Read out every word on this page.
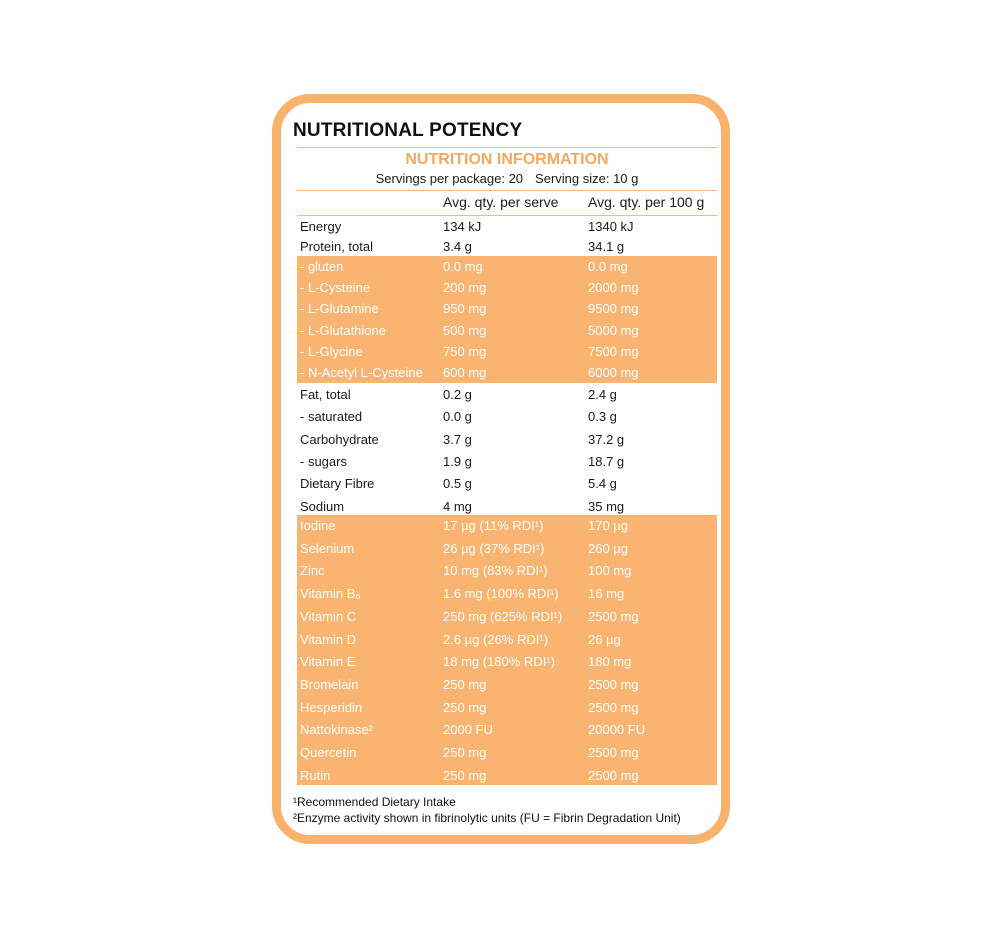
NUTRITIONAL POTENCY
NUTRITION INFORMATION
Servings per package: 20 Serving size: 10 g
Avg. qty. per serve Avg. qty. per 100 g
Energy	134 kJ	1340 kJ
Protein, total	3.4 g	34.1 g
- gluten	0.0 mg	0.0 mg
- L-Cysteine	200 mg	2000 mg
- L-Glutamine	950 mg	9500 mg
- L-Glutathione	500 mg	5000 mg
- L-Glycine	750 mg	7500 mg
- N-Acetyl L-Cysteine 600 mg	6000 mg
Fat, total	0.2 g	2.4 g
- saturated	0.0 g	0.3 g
Carbohydrate	3.7 g	37.2 g
- sugars	1.9 g	18.7 g
Dietary Fibre	0.5 g	5.4 g
Sodium	4 mg	35 mg
Iodine	17 µg (11% RDI¹)	170 µg
Selenium	26 µg (37% RDI¹)	260 µg
Zinc	10 mg (83% RDI¹)	100 mg
Vitamin B₆	1.6 mg (100% RDI¹) 16 mg
Vitamin C	250 mg (625% RDI¹) 2500 mg
Vitamin D	2.6 µg (26% RDI¹)	26 µg
Vitamin E	18 mg (180% RDI¹)	180 mg
Bromelain	250 mg	2500 mg
Hesperidin	250 mg	2500 mg
Nattokinase²	2000 FU	20000 FU
Quercetin	250 mg	2500 mg
Rutin	250 mg	2500 mg
¹Recommended Dietary Intake
²Enzyme activity shown in fibrinolytic units (FU = Fibrin Degradation Unit)
